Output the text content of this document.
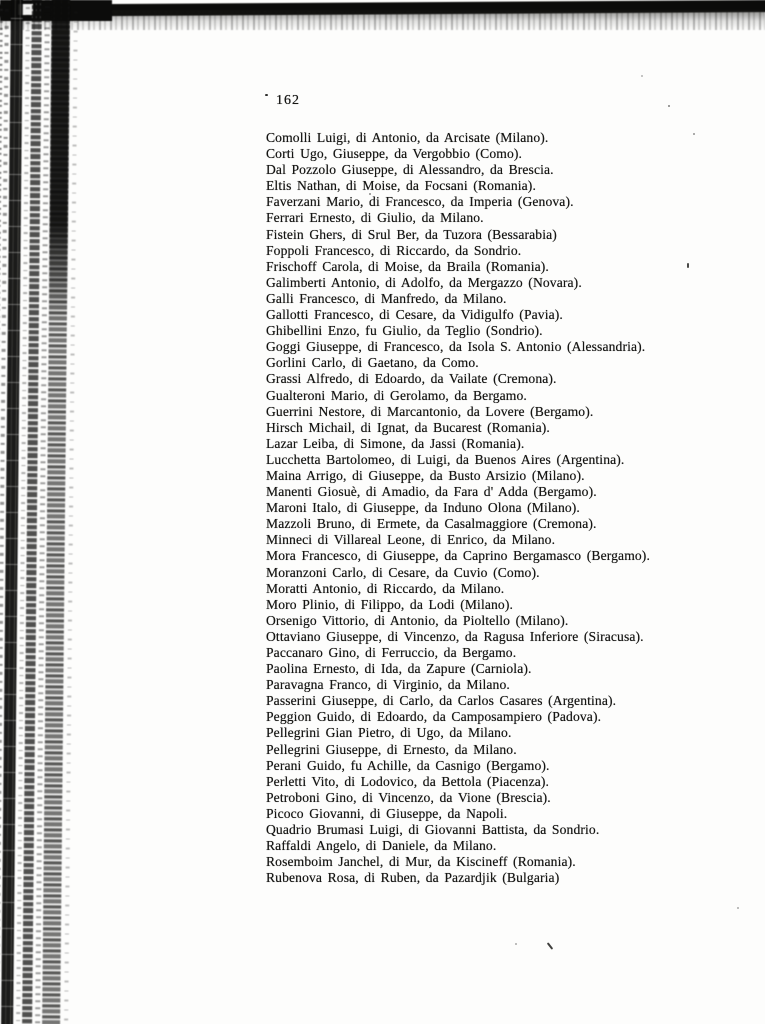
162
Comolli Luigi, di Antonio, da Arcisate (Milano).
Corti Ugo, Giuseppe, da Vergobbio (Como).
Dal Pozzolo Giuseppe, di Alessandro, da Brescia.
Eltis Nathan, di Moise, da Focsani (Romania).
Faverzani Mario, di Francesco, da Imperia (Genova).
Ferrari Ernesto, di Giulio, da Milano.
Fistein Ghers, di Srul Ber, da Tuzora (Bessarabia)
Foppoli Francesco, di Riccardo, da Sondrio.
Frischoff Carola, di Moise, da Braila (Romania).
Galimberti Antonio, di Adolfo, da Mergazzo (Novara).
Galli Francesco, di Manfredo, da Milano.
Gallotti Francesco, di Cesare, da Vidigulfo (Pavia).
Ghibellini Enzo, fu Giulio, da Teglio (Sondrio).
Goggi Giuseppe, di Francesco, da Isola S. Antonio (Alessandria).
Gorlini Carlo, di Gaetano, da Como.
Grassi Alfredo, di Edoardo, da Vailate (Cremona).
Gualteroni Mario, di Gerolamo, da Bergamo.
Guerrini Nestore, di Marcantonio, da Lovere (Bergamo).
Hirsch Michail, di Ignat, da Bucarest (Romania).
Lazar Leiba, di Simone, da Jassi (Romania).
Lucchetta Bartolomeo, di Luigi, da Buenos Aires (Argentina).
Maina Arrigo, di Giuseppe, da Busto Arsizio (Milano).
Manenti Giosuè, di Amadio, da Fara d' Adda (Bergamo).
Maroni Italo, di Giuseppe, da Induno Olona (Milano).
Mazzoli Bruno, di Ermete, da Casalmaggiore (Cremona).
Minneci di Villareal Leone, di Enrico, da Milano.
Mora Francesco, di Giuseppe, da Caprino Bergamasco (Bergamo).
Moranzoni Carlo, di Cesare, da Cuvio (Como).
Moratti Antonio, di Riccardo, da Milano.
Moro Plinio, di Filippo, da Lodi (Milano).
Orsenigo Vittorio, di Antonio, da Pioltello (Milano).
Ottaviano Giuseppe, di Vincenzo, da Ragusa Inferiore (Siracusa).
Paccanaro Gino, di Ferruccio, da Bergamo.
Paolina Ernesto, di Ida, da Zapure (Carniola).
Paravagna Franco, di Virginio, da Milano.
Passerini Giuseppe, di Carlo, da Carlos Casares (Argentina).
Peggion Guido, di Edoardo, da Camposampiero (Padova).
Pellegrini Gian Pietro, di Ugo, da Milano.
Pellegrini Giuseppe, di Ernesto, da Milano.
Perani Guido, fu Achille, da Casnigo (Bergamo).
Perletti Vito, di Lodovico, da Bettola (Piacenza).
Petroboni Gino, di Vincenzo, da Vione (Brescia).
Picoco Giovanni, di Giuseppe, da Napoli.
Quadrio Brumasi Luigi, di Giovanni Battista, da Sondrio.
Raffaldi Angelo, di Daniele, da Milano.
Rosemboim Janchel, di Mur, da Kiscineff (Romania).
Rubenova Rosa, di Ruben, da Pazardjik (Bulgaria)
